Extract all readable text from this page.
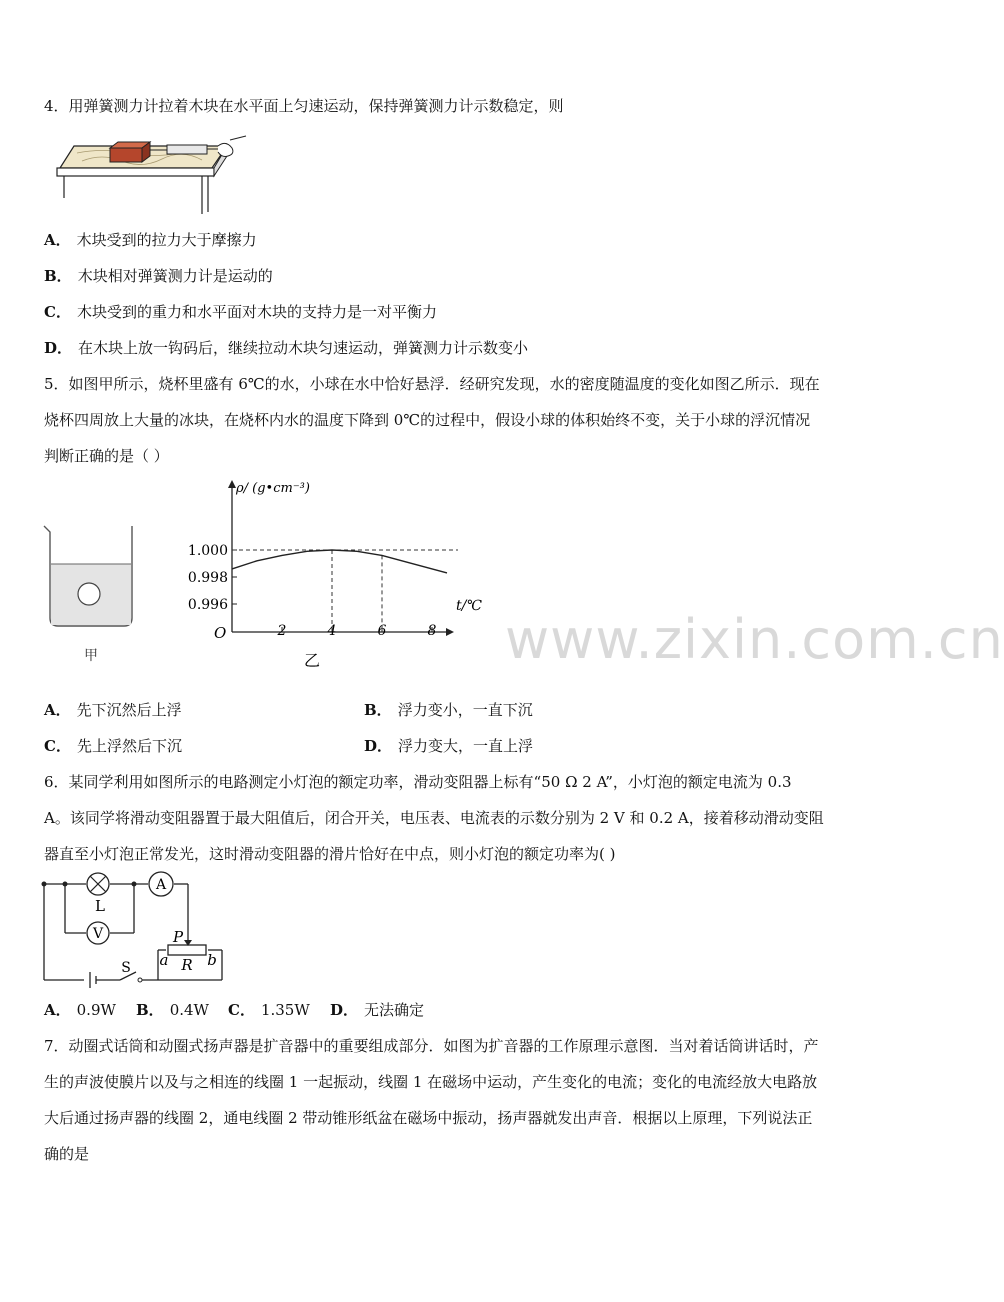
4．用弹簧测力计拉着木块在水平面上匀速运动，保持弹簧测力计示数稳定，则
A． 木块受到的拉力大于摩擦力
B． 木块相对弹簧测力计是运动的
C． 木块受到的重力和水平面对木块的支持力是一对平衡力
D． 在木块上放一钩码后，继续拉动木块匀速运动，弹簧测力计示数变小
5．如图甲所示，烧杯里盛有 6℃的水，小球在水中恰好悬浮．经研究发现，水的密度随温度的变化如图乙所示．现在
烧杯四周放上大量的冰块，在烧杯内水的温度下降到 0℃的过程中，假设小球的体积始终不变，关于小球的浮沉情况
判断正确的是（ ）
甲
ρ/ (g•cm⁻³)
t/℃
O
0.996
0.998
1.000
2	4	6	8
乙	www.zixin.com.cn
A． 先下沉然后上浮	B． 浮力变小，一直下沉
C． 先上浮然后下沉	D． 浮力变大，一直上浮
6．某同学利用如图所示的电路测定小灯泡的额定功率，滑动变阻器上标有“50 Ω 2 A”，小灯泡的额定电流为 0.3
A。该同学将滑动变阻器置于最大阻值后，闭合开关，电压表、电流表的示数分别为 2 V 和 0.2 A，接着移动滑动变阻
器直至小灯泡正常发光，这时滑动变阻器的滑片恰好在中点，则小灯泡的额定功率为( )
A
V
L
S
P
a R b
A． 0.9W B． 0.4W C． 1.35W D． 无法确定
7．动圈式话筒和动圈式扬声器是扩音器中的重要组成部分．如图为扩音器的工作原理示意图．当对着话筒讲话时，产
生的声波使膜片以及与之相连的线圈 1 一起振动，线圈 1 在磁场中运动，产生变化的电流；变化的电流经放大电路放
大后通过扬声器的线圈 2，通电线圈 2 带动锥形纸盆在磁场中振动，扬声器就发出声音．根据以上原理，下列说法正
确的是
